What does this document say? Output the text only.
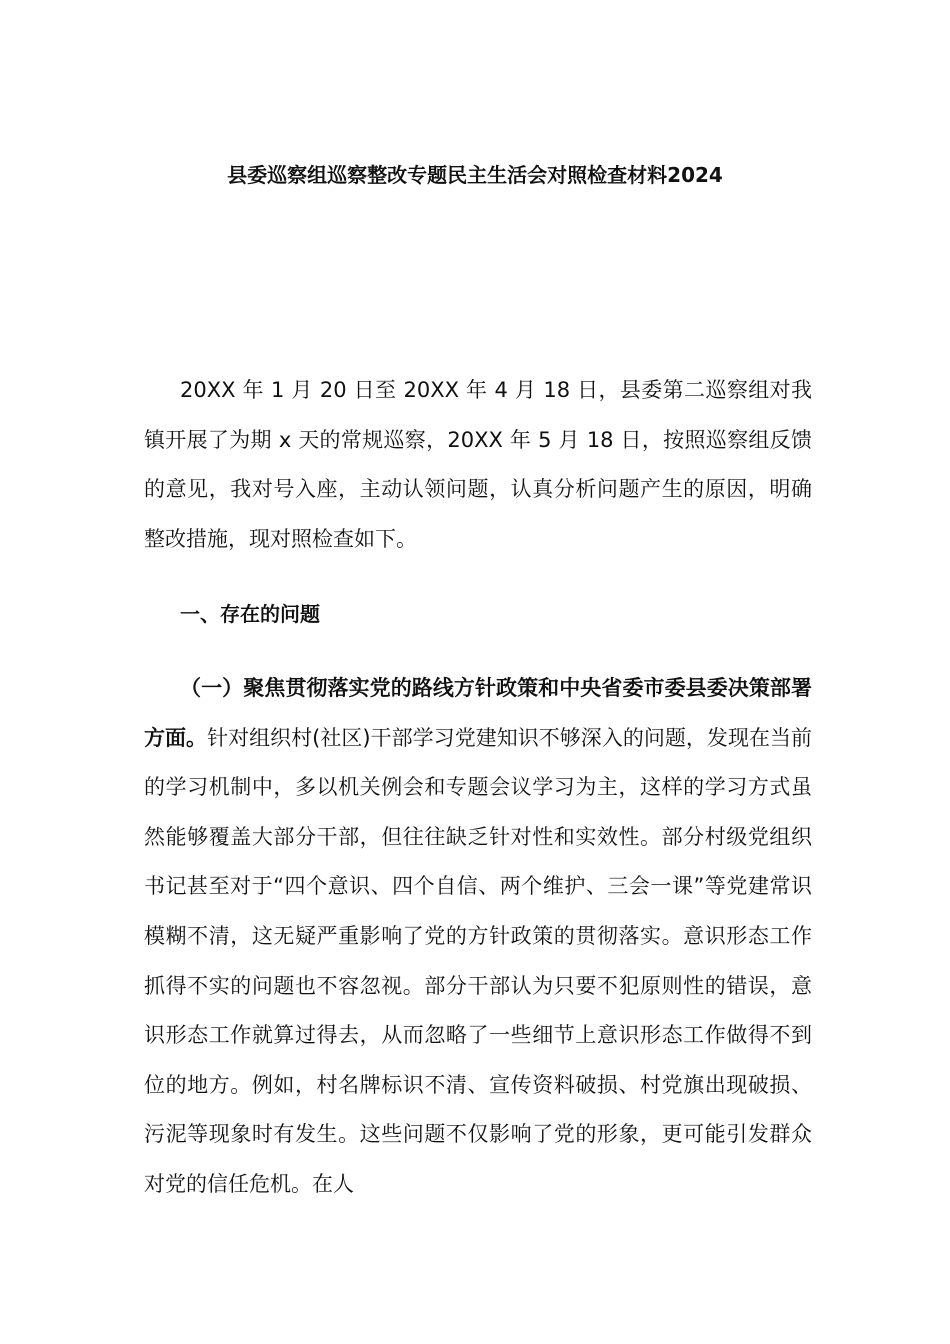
县委巡察组巡察整改专题民主生活会对照检查材料2024
20XX 年 1 月 20 日至 20XX 年 4 月 18 日，县委第二巡察组对我镇开展了为期 x 天的常规巡察，20XX 年 5 月 18 日，按照巡察组反馈的意见，我对号入座，主动认领问题，认真分析问题产生的原因，明确整改措施，现对照检查如下。
一、存在的问题
（一）聚焦贯彻落实党的路线方针政策和中央省委市委县委决策部署方面。针对组织村(社区)干部学习党建知识不够深入的问题，发现在当前的学习机制中，多以机关例会和专题会议学习为主，这样的学习方式虽然能够覆盖大部分干部，但往往缺乏针对性和实效性。部分村级党组织书记甚至对于“四个意识、四个自信、两个维护、三会一课”等党建常识模糊不清，这无疑严重影响了党的方针政策的贯彻落实。意识形态工作抓得不实的问题也不容忽视。部分干部认为只要不犯原则性的错误，意识形态工作就算过得去，从而忽略了一些细节上意识形态工作做得不到位的地方。例如，村名牌标识不清、宣传资料破损、村党旗出现破损、污泥等现象时有发生。这些问题不仅影响了党的形象，更可能引发群众对党的信任危机。在人
